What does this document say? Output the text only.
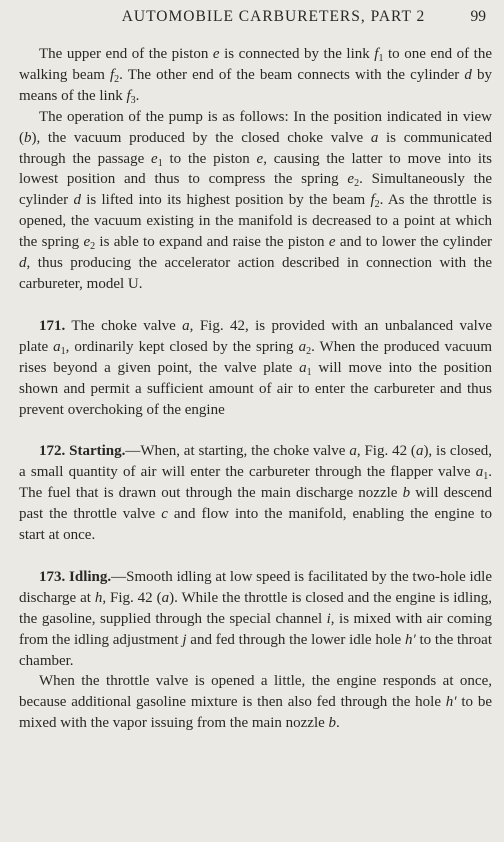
AUTOMOBILE CARBURETERS, PART 2	99

The upper end of the piston e is connected by the link $f_1$ to one end of the walking beam $f_2$. The other end of the beam connects with the cylinder d by means of the link $f_3$.

The operation of the pump is as follows: In the position indicated in view (b), the vacuum produced by the closed choke valve a is communicated through the passage $e_1$ to the piston e, causing the latter to move into its lowest position and thus to compress the spring $e_2$. Simultaneously the cylinder d is lifted into its highest position by the beam $f_2$. As the throttle is opened, the vacuum existing in the manifold is decreased to a point at which the spring $e_2$ is able to expand and raise the piston e and to lower the cylinder d, thus producing the accelerator action described in connection with the carbureter, model U.

171. The choke valve a, Fig. 42, is provided with an unbalanced valve plate $a_1$, ordinarily kept closed by the spring $a_2$. When the produced vacuum rises beyond a given point, the valve plate $a_1$ will move into the position shown and permit a sufficient amount of air to enter the carbureter and thus prevent overchoking of the engine

172. Starting.—When, at starting, the choke valve a, Fig. 42 (a), is closed, a small quantity of air will enter the carbureter through the flapper valve $a_1$. The fuel that is drawn out through the main discharge nozzle b will descend past the throttle valve c and flow into the manifold, enabling the engine to start at once.

173. Idling.—Smooth idling at low speed is facilitated by the two-hole idle discharge at h, Fig. 42 (a). While the throttle is closed and the engine is idling, the gasoline, supplied through the special channel i, is mixed with air coming from the idling adjustment j and fed through the lower idle hole h′ to the throat chamber.

When the throttle valve is opened a little, the engine responds at once, because additional gasoline mixture is then also fed through the hole h′ to be mixed with the vapor issuing from the main nozzle b.
